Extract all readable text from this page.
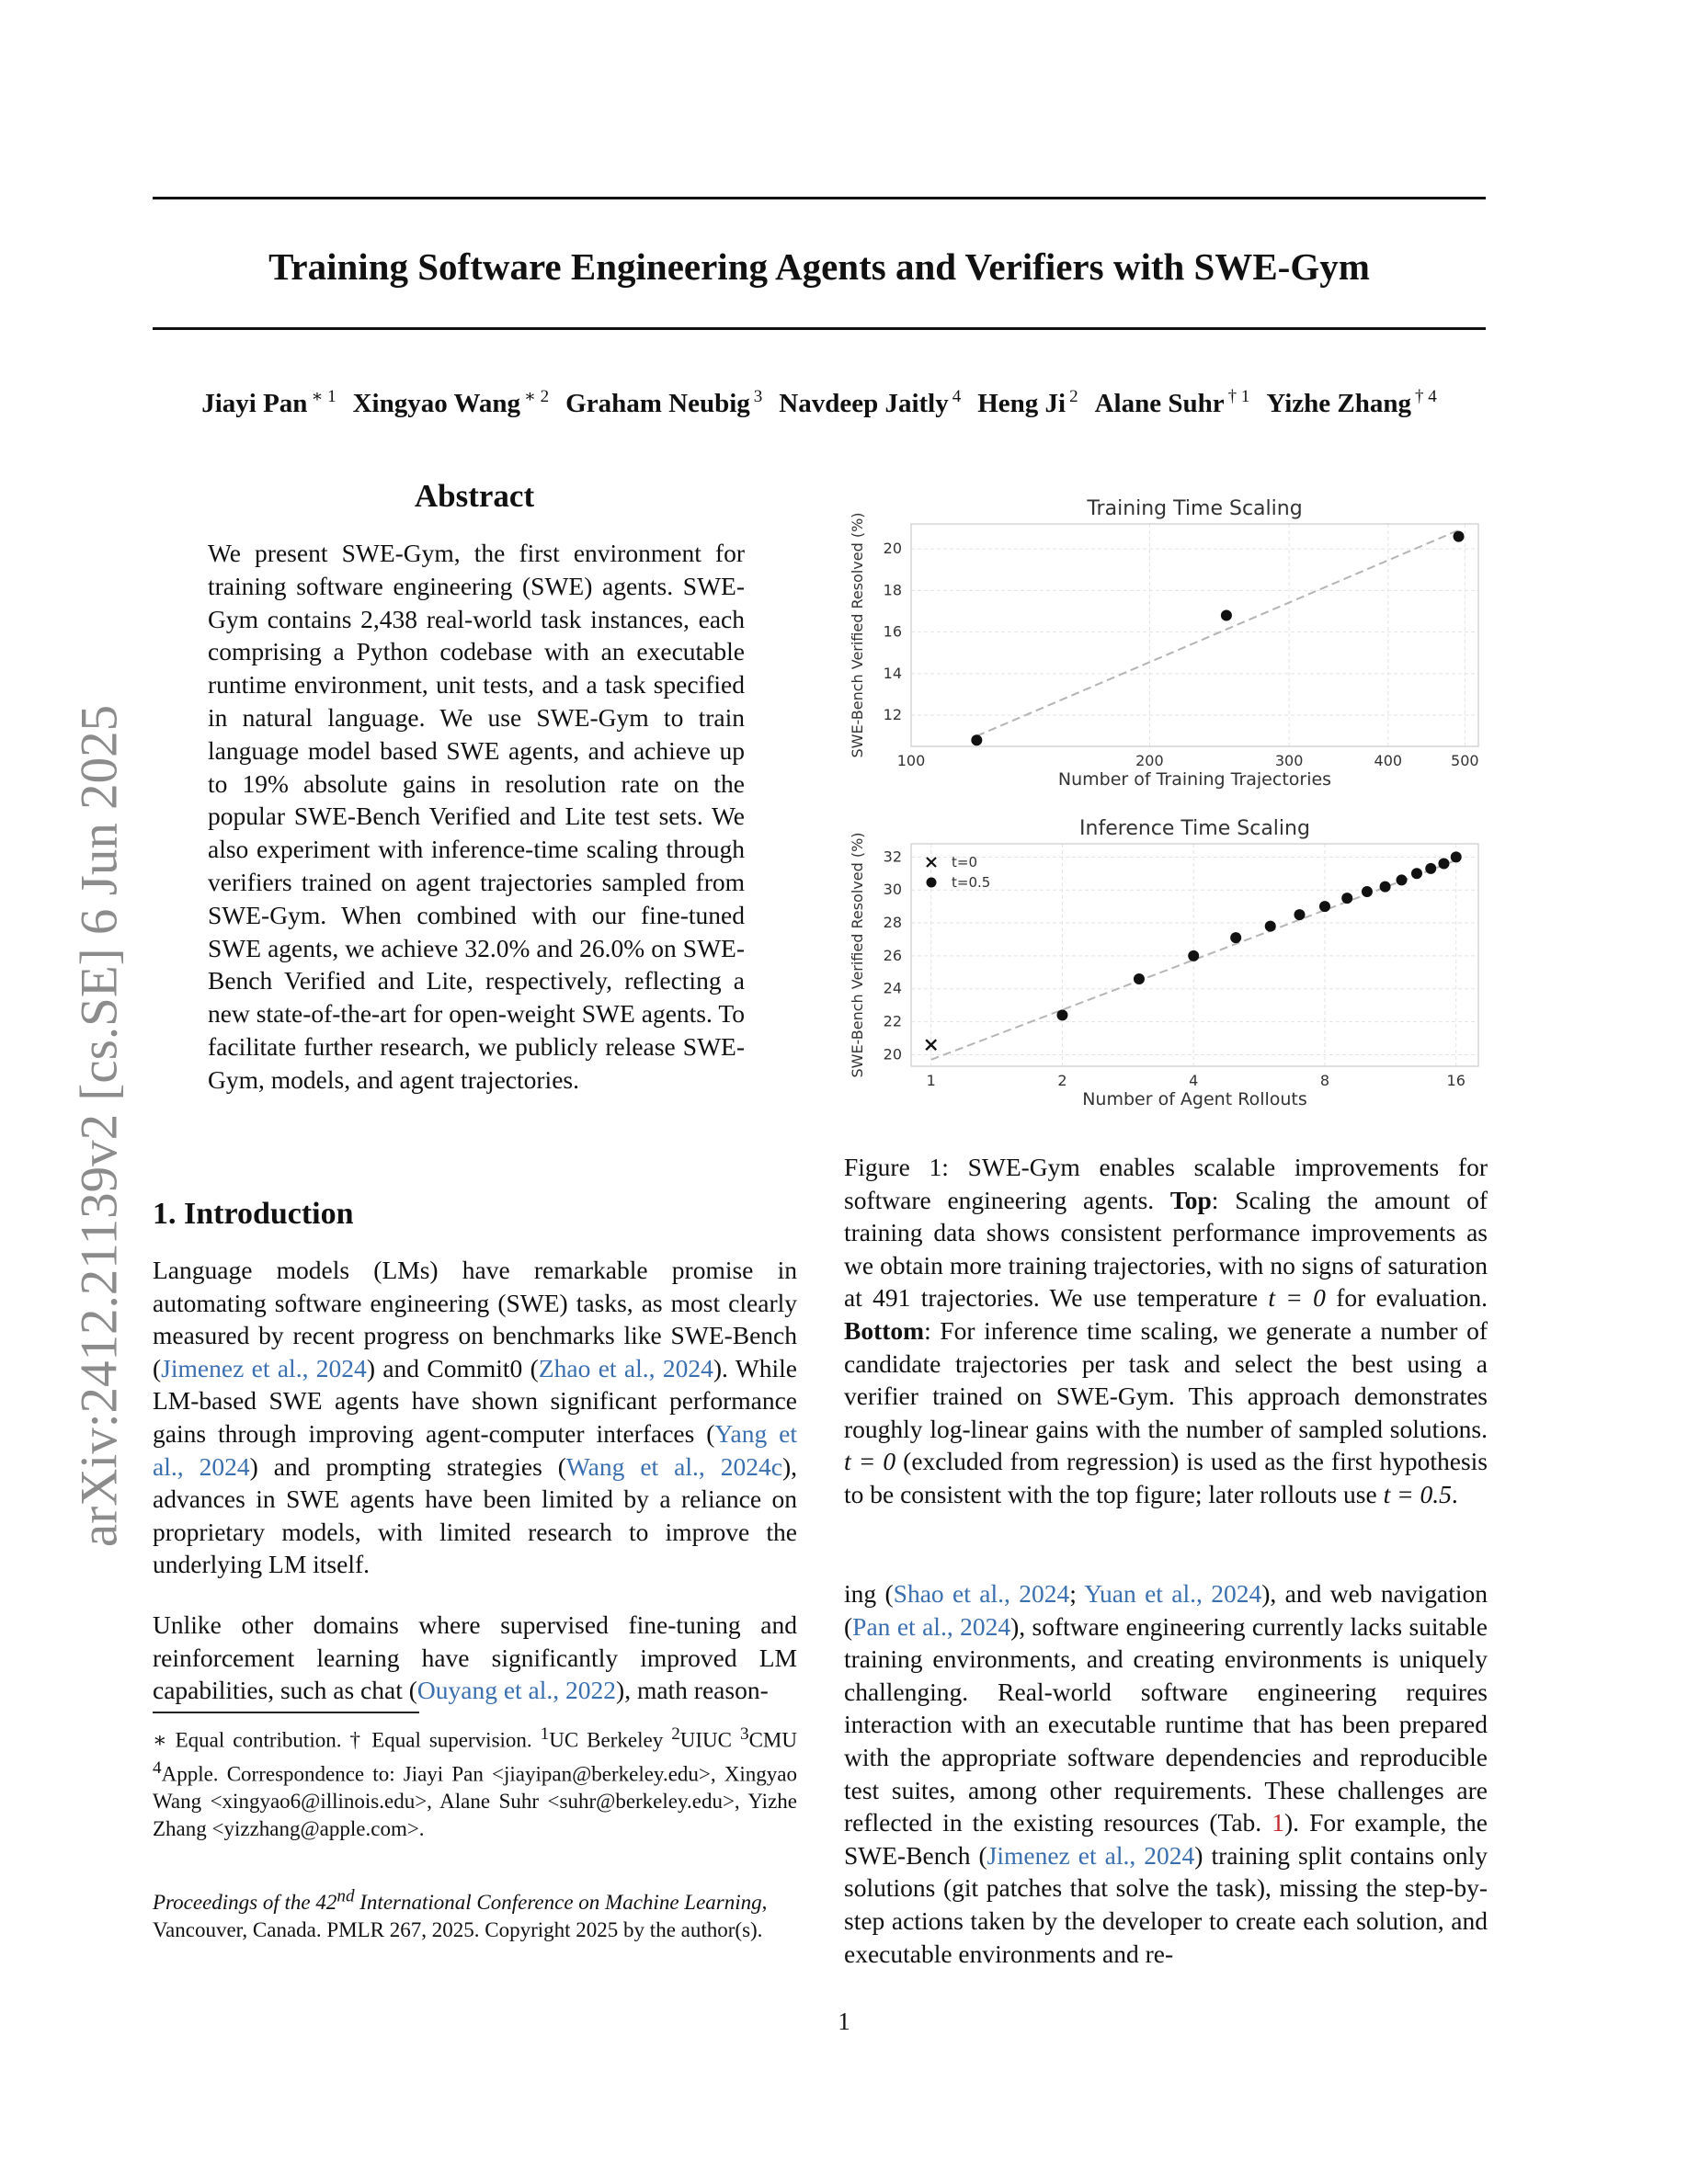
Training Software Engineering Agents and Verifiers with SWE-Gym
Jiayi Pan $^{∗ 1}$ Xingyao Wang $^{∗ 2}$ Graham Neubig $^3$ Navdeep Jaitly $^4$ Heng Ji $^2$ Alane Suhr $^{\dagger 1}$ Yizhe Zhang $^{\dagger 4}$
arXiv:2412.21139v2 [cs.SE] 6 Jun 2025
Abstract

We present SWE-Gym, the first environment for training software engineering (SWE) agents. SWE-Gym contains 2,438 real-world task instances, each comprising a Python codebase with an executable runtime environment, unit tests, and a task specified in natural language. We use SWE-Gym to train language model based SWE agents, and achieve up to 19% absolute gains in resolution rate on the popular SWE-Bench Verified and Lite test sets. We also experiment with inference-time scaling through verifiers trained on agent trajectories sampled from SWE-Gym. When combined with our fine-tuned SWE agents, we achieve 32.0% and 26.0% on SWE-Bench Verified and Lite, respectively, reflecting a new state-of-the-art for open-weight SWE agents. To facilitate further research, we publicly release SWE-Gym, models, and agent trajectories.

1. Introduction

Language models (LMs) have remarkable promise in automating software engineering (SWE) tasks, as most clearly measured by recent progress on benchmarks like SWE-Bench (Jimenez et al., 2024) and Commit0 (Zhao et al., 2024). While LM-based SWE agents have shown significant performance gains through improving agent-computer interfaces (Yang et al., 2024) and prompting strategies (Wang et al., 2024c), advances in SWE agents have been limited by a reliance on proprietary models, with limited research to improve the underlying LM itself.

Unlike other domains where supervised fine-tuning and reinforcement learning have significantly improved LM capabilities, such as chat (Ouyang et al., 2022), math reason-

∗ Equal contribution. † Equal supervision. $^1$UC Berkeley $^2$UIUC $^3$CMU $^4$Apple. Correspondence to: Jiayi Pan <jiayipan@berkeley.edu>, Xingyao Wang <xingyao6@illinois.edu>, Alane Suhr <suhr@berkeley.edu>, Yizhe Zhang <yizzhang@apple.com>.

Proceedings of the 42nd International Conference on Machine Learning, Vancouver, Canada. PMLR 267, 2025. Copyright 2025 by the author(s).

100	200	300	400	500
12
14
16
18
20
Training Time Scaling
Number of Training Trajectories
SWE-Bench Verified Resolved (%)
1	2	4	8	16
20
22
24
26
28
30
32
Inference Time Scaling
Number of Agent Rollouts
SWE-Bench Verified Resolved (%)	t=0
t=0.5

Figure 1: SWE-Gym enables scalable improvements for software engineering agents. Top: Scaling the amount of training data shows consistent performance improvements as we obtain more training trajectories, with no signs of saturation at 491 trajectories. We use temperature t = 0 for evaluation. Bottom: For inference time scaling, we generate a number of candidate trajectories per task and select the best using a verifier trained on SWE-Gym. This approach demonstrates roughly log-linear gains with the number of sampled solutions. t = 0 (excluded from regression) is used as the first hypothesis to be consistent with the top figure; later rollouts use t = 0.5.

ing (Shao et al., 2024; Yuan et al., 2024), and web navigation (Pan et al., 2024), software engineering currently lacks suitable training environments, and creating environments is uniquely challenging. Real-world software engineering requires interaction with an executable runtime that has been prepared with the appropriate software dependencies and reproducible test suites, among other requirements. These challenges are reflected in the existing resources (Tab. 1). For example, the SWE-Bench (Jimenez et al., 2024) training split contains only solutions (git patches that solve the task), missing the step-by-step actions taken by the developer to create each solution, and executable environments and re-

1
